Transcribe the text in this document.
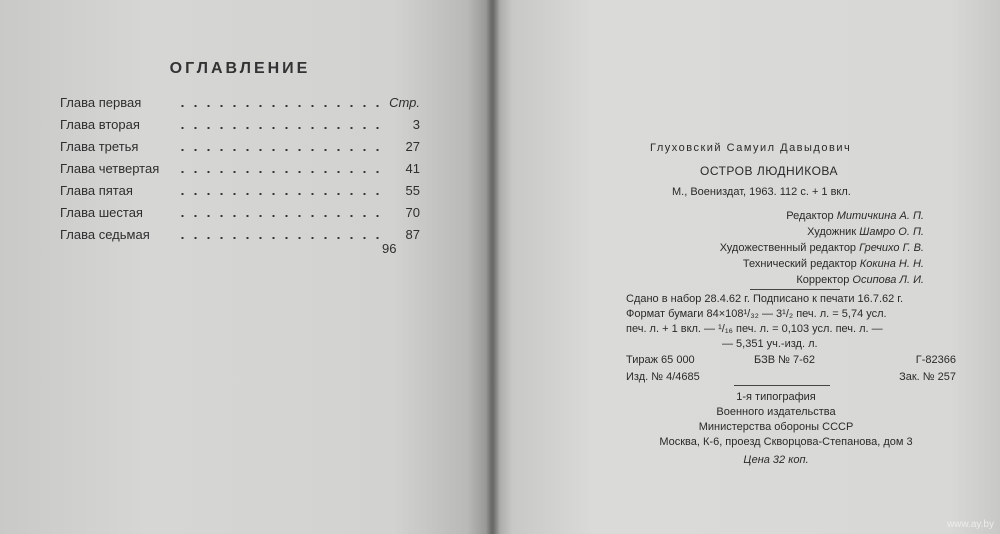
ОГЛАВЛЕНИЕ
Глава первая	Стр.
Глава вторая	3
Глава третья	27
Глава четвертая	41
Глава пятая	55
Глава шестая	70
Глава седьмая	87
96
Глуховский Самуил Давыдович
ОСТРОВ ЛЮДНИКОВА
М., Воениздат, 1963. 112 с. + 1 вкл.
Редактор Митичкина А. П.
Художник Шамро О. П.
Художественный редактор Гречихо Г. В.
Технический редактор Кокина Н. Н.
Корректор Осипова Л. И.
Сдано в набор 28.4.62 г. Подписано к печати 16.7.62 г.
Формат бумаги 84×108¹/₃₂ — 3¹/₂ печ. л. = 5,74 усл.
печ. л. + 1 вкл. — ¹/₁₆ печ. л. = 0,103 усл. печ. л. —
— 5,351 уч.-изд. л.
Тираж 65 000	БЗВ № 7-62	Г-82366
Изд. № 4/4685	Зак. № 257
1-я типография
Военного издательства
Министерства обороны СССР
Москва, К-6, проезд Скворцова-Степанова, дом 3
Цена 32 коп.
www.ay.by
